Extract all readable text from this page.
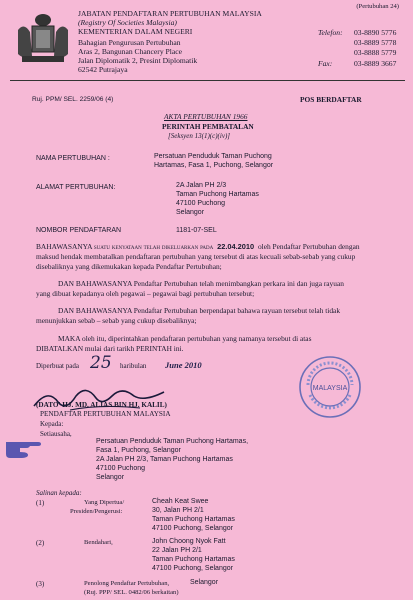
(Pertubuhan 24)
JABATAN PENDAFTARAN PERTUBUHAN MALAYSIA
(Registry Of Societies Malaysia)
KEMENTERIAN DALAM NEGERI
Bahagian Pengurusan Pertubuhan
Aras 2, Bangunan Chancery Place
Jalan Diplomatik 2, Presint Diplomatik
62542 Putrajaya
Telefon: 03-8890 5776
03-8889 5778
03-8888 5779
Fax:	03-8889 3667
Ruj. PPM/ SEL. 2259/06 (4)	POS BERDAFTAR
AKTA PERTUBUHAN 1966
PERINTAH PEMBATALAN
[Seksyen 13(1)(c)(iv)]
NAMA PERTUBUHAN :	Persatuan Penduduk Taman Puchong
Hartamas, Fasa 1, Puchong, Selangor
ALAMAT PERTUBUHAN:	2A Jalan PH 2/3
Taman Puchong Hartamas
47100 Puchong
Selangor
NOMBOR PENDAFTARAN	1181-07-SEL
BAHAWASANYA suatu kenyataan telah dikeluarkan pada 22.04.2010 oleh Pendaftar Pertubuhan dengan
maksud hendak membatalkan pendaftaran pertubuhan yang tersebut di atas kecuali sebab-sebab yang cukup
disebaliknya yang dikemukakan kepada Pendaftar Pertubuhan;
DAN BAHAWASANYA Pendaftar Pertubuhan telah menimbangkan perkara ini dan juga rayuan
yang dibuat kepadanya oleh pegawai – pegawai bagi pertubuhan tersebut;
DAN BAHAWASANYA Pendaftar Pertubuhan berpendapat bahawa rayuan tersebut telah tidak
menunjukkan sebab – sebab yang cukup disebaliknya;
MAKA oleh itu, diperintahkan pendaftaran pertubuhan yang namanya tersebut di atas
DIBATALKAN mulai dari tarikh PERINTAH ini.
Diperbuat pada 25 haribulan June 2010
(DATO' HJ. MD. ALIAS BIN HJ. KALIL)
PENDAFTAR PERTUBUHAN MALAYSIA
MALAYSIA
Kepada:
Setiausaha,
Persatuan Penduduk Taman Puchong Hartamas,
Fasa 1, Puchong, Selangor
2A Jalan PH 2/3, Taman Puchong Hartamas
47100 Puchong
Selangor
Salinan kepada:
(1)	Yang Dipertua/
Presiden/Pengerusi:
Cheah Keat Swee
30, Jalan PH 2/1
Taman Puchong Hartamas
47100 Puchong, Selangor
(2)	Bendahari,	John Choong Nyok Fatt
22 Jalan PH 2/1
Taman Puchong Hartamas
47100 Puchong, Selangor
(3)	Penolong Pendaftar Pertubuhan,
(Ruj. PPP/ SEL. 0482/06 berkaitan)
Selangor
